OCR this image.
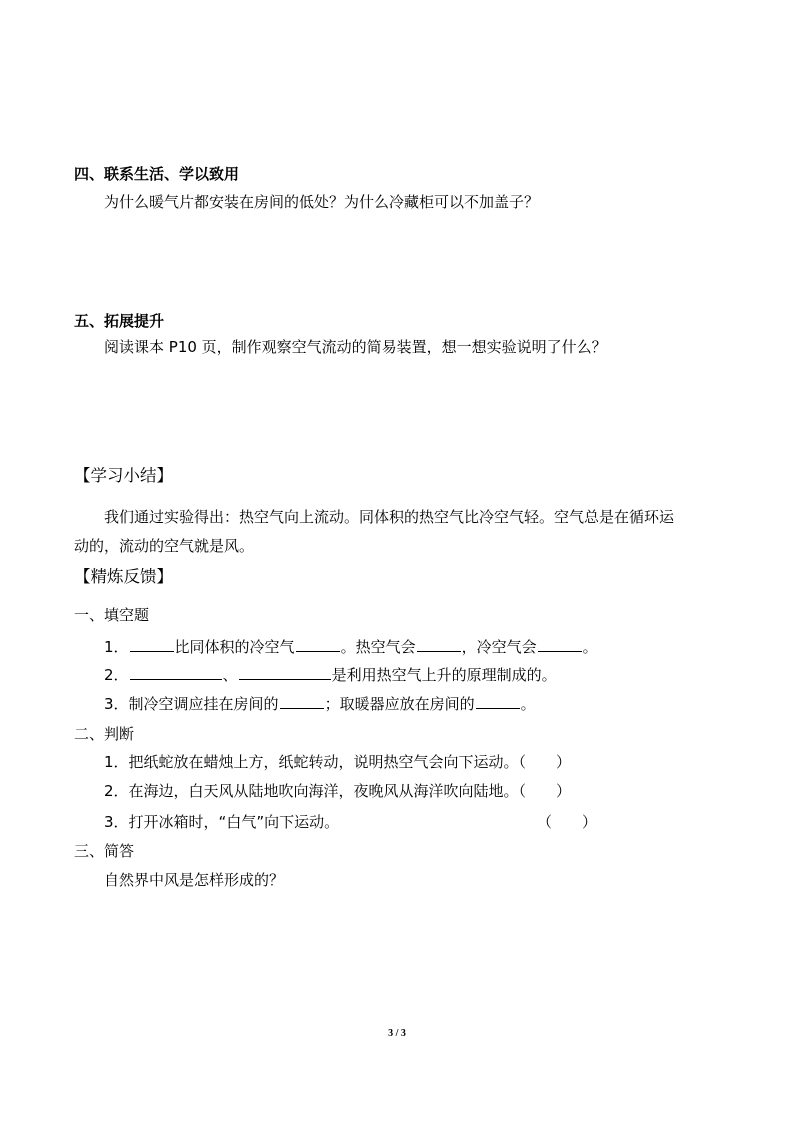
四、联系生活、学以致用
为什么暖气片都安装在房间的低处？为什么冷藏柜可以不加盖子？
五、拓展提升
阅读课本 P10 页，制作观察空气流动的简易装置，想一想实验说明了什么？
【学习小结】
我们通过实验得出：热空气向上流动。同体积的热空气比冷空气轻。空气总是在循环运
动的，流动的空气就是风。
【精炼反馈】
一、填空题
1．	比同体积的冷空气	。热空气会	，冷空气会	。
2．	、	是利用热空气上升的原理制成的。
3．制冷空调应挂在房间的	；取暖器应放在房间的	。
二、判断
1．把纸蛇放在蜡烛上方，纸蛇转动，说明热空气会向下运动。（　　）
2．在海边，白天风从陆地吹向海洋，夜晚风从海洋吹向陆地。（　　）
3．打开冰箱时，“白气”向下运动。	（　　）
三、简答
自然界中风是怎样形成的？
3 / 3
